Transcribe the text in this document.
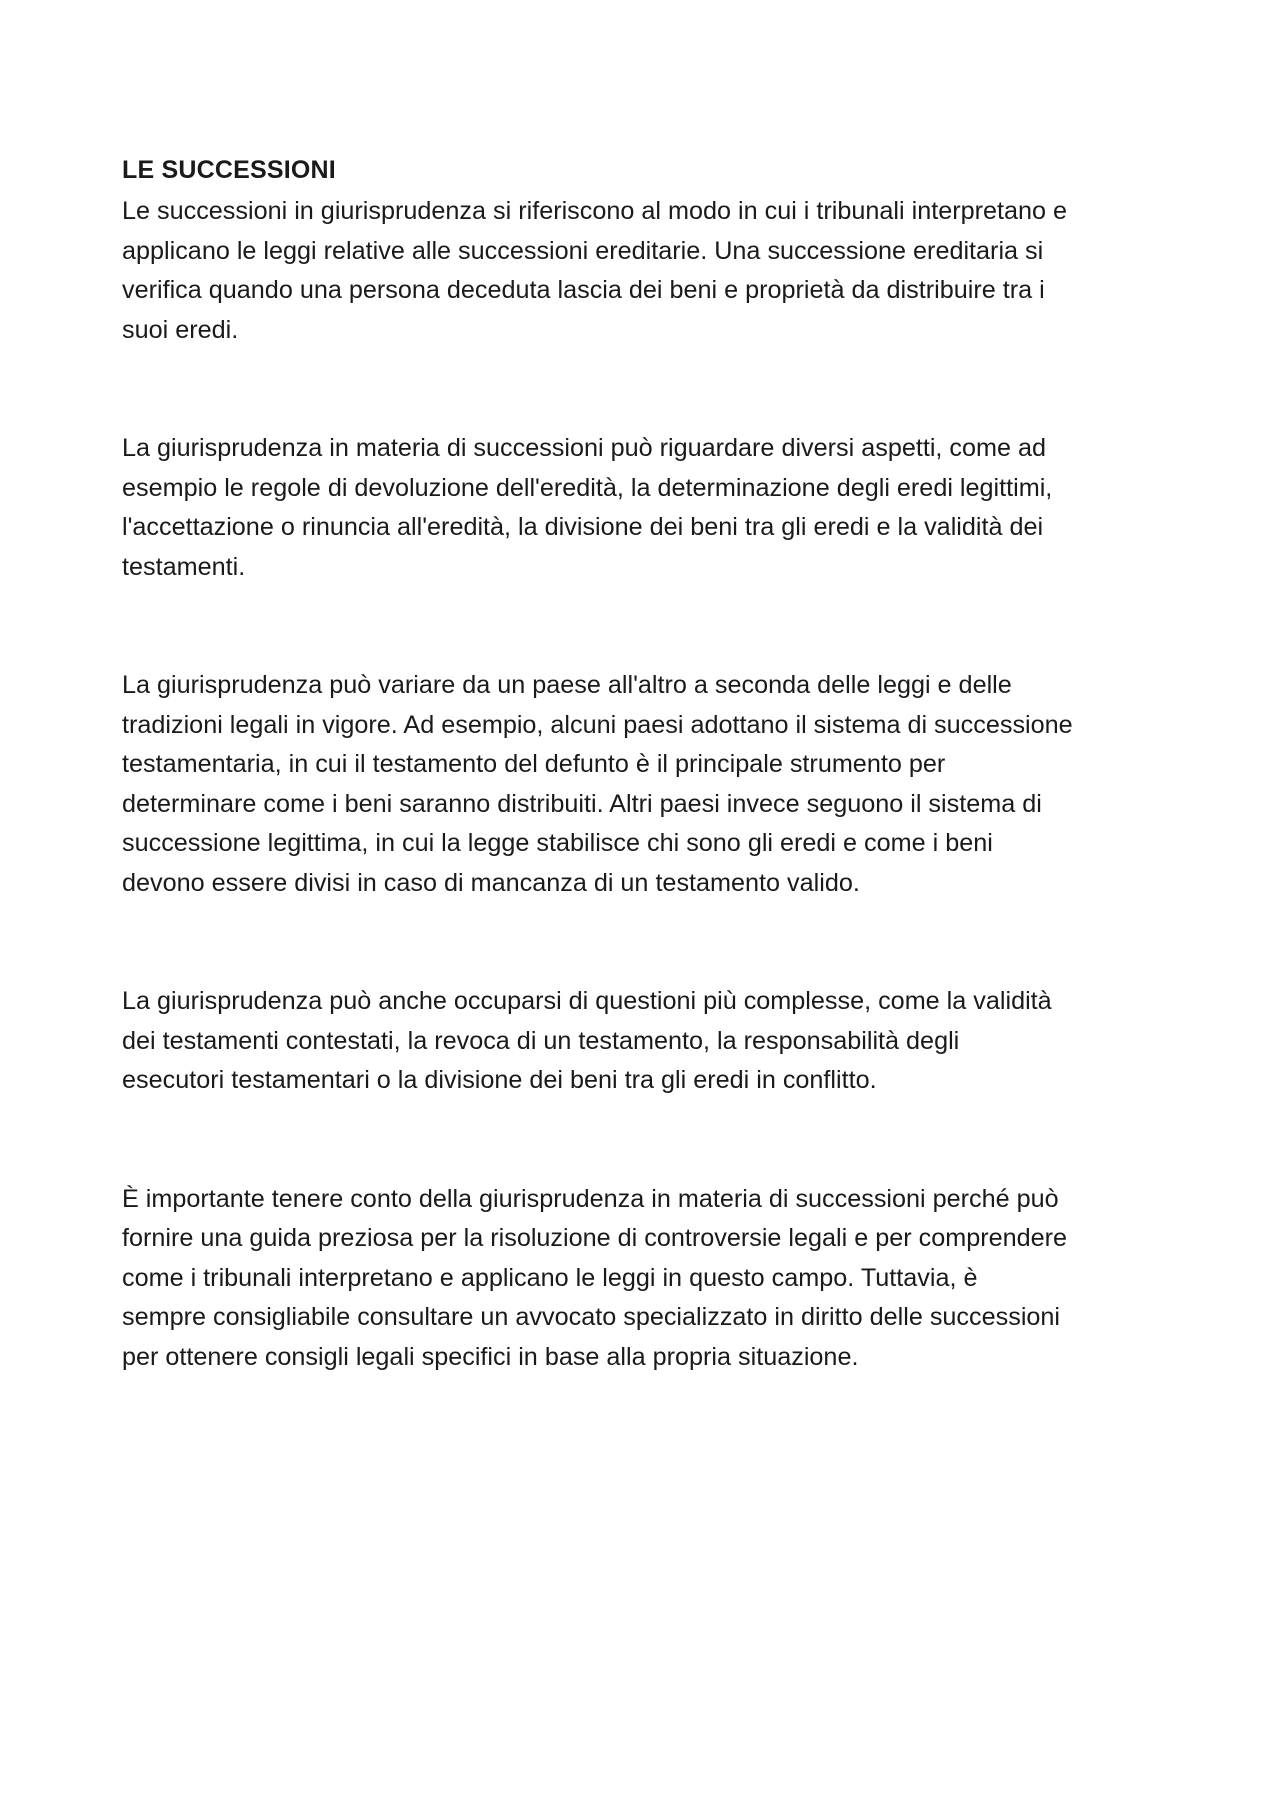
LE SUCCESSIONI

Le successioni in giurisprudenza si riferiscono al modo in cui i tribunali interpretano e
applicano le leggi relative alle successioni ereditarie. Una successione ereditaria si
verifica quando una persona deceduta lascia dei beni e proprietà da distribuire tra i
suoi eredi.

La giurisprudenza in materia di successioni può riguardare diversi aspetti, come ad
esempio le regole di devoluzione dell'eredità, la determinazione degli eredi legittimi,
l'accettazione o rinuncia all'eredità, la divisione dei beni tra gli eredi e la validità dei
testamenti.

La giurisprudenza può variare da un paese all'altro a seconda delle leggi e delle
tradizioni legali in vigore. Ad esempio, alcuni paesi adottano il sistema di successione
testamentaria, in cui il testamento del defunto è il principale strumento per
determinare come i beni saranno distribuiti. Altri paesi invece seguono il sistema di
successione legittima, in cui la legge stabilisce chi sono gli eredi e come i beni
devono essere divisi in caso di mancanza di un testamento valido.

La giurisprudenza può anche occuparsi di questioni più complesse, come la validità
dei testamenti contestati, la revoca di un testamento, la responsabilità degli
esecutori testamentari o la divisione dei beni tra gli eredi in conflitto.

È importante tenere conto della giurisprudenza in materia di successioni perché può
fornire una guida preziosa per la risoluzione di controversie legali e per comprendere
come i tribunali interpretano e applicano le leggi in questo campo. Tuttavia, è
sempre consigliabile consultare un avvocato specializzato in diritto delle successioni
per ottenere consigli legali specifici in base alla propria situazione.
